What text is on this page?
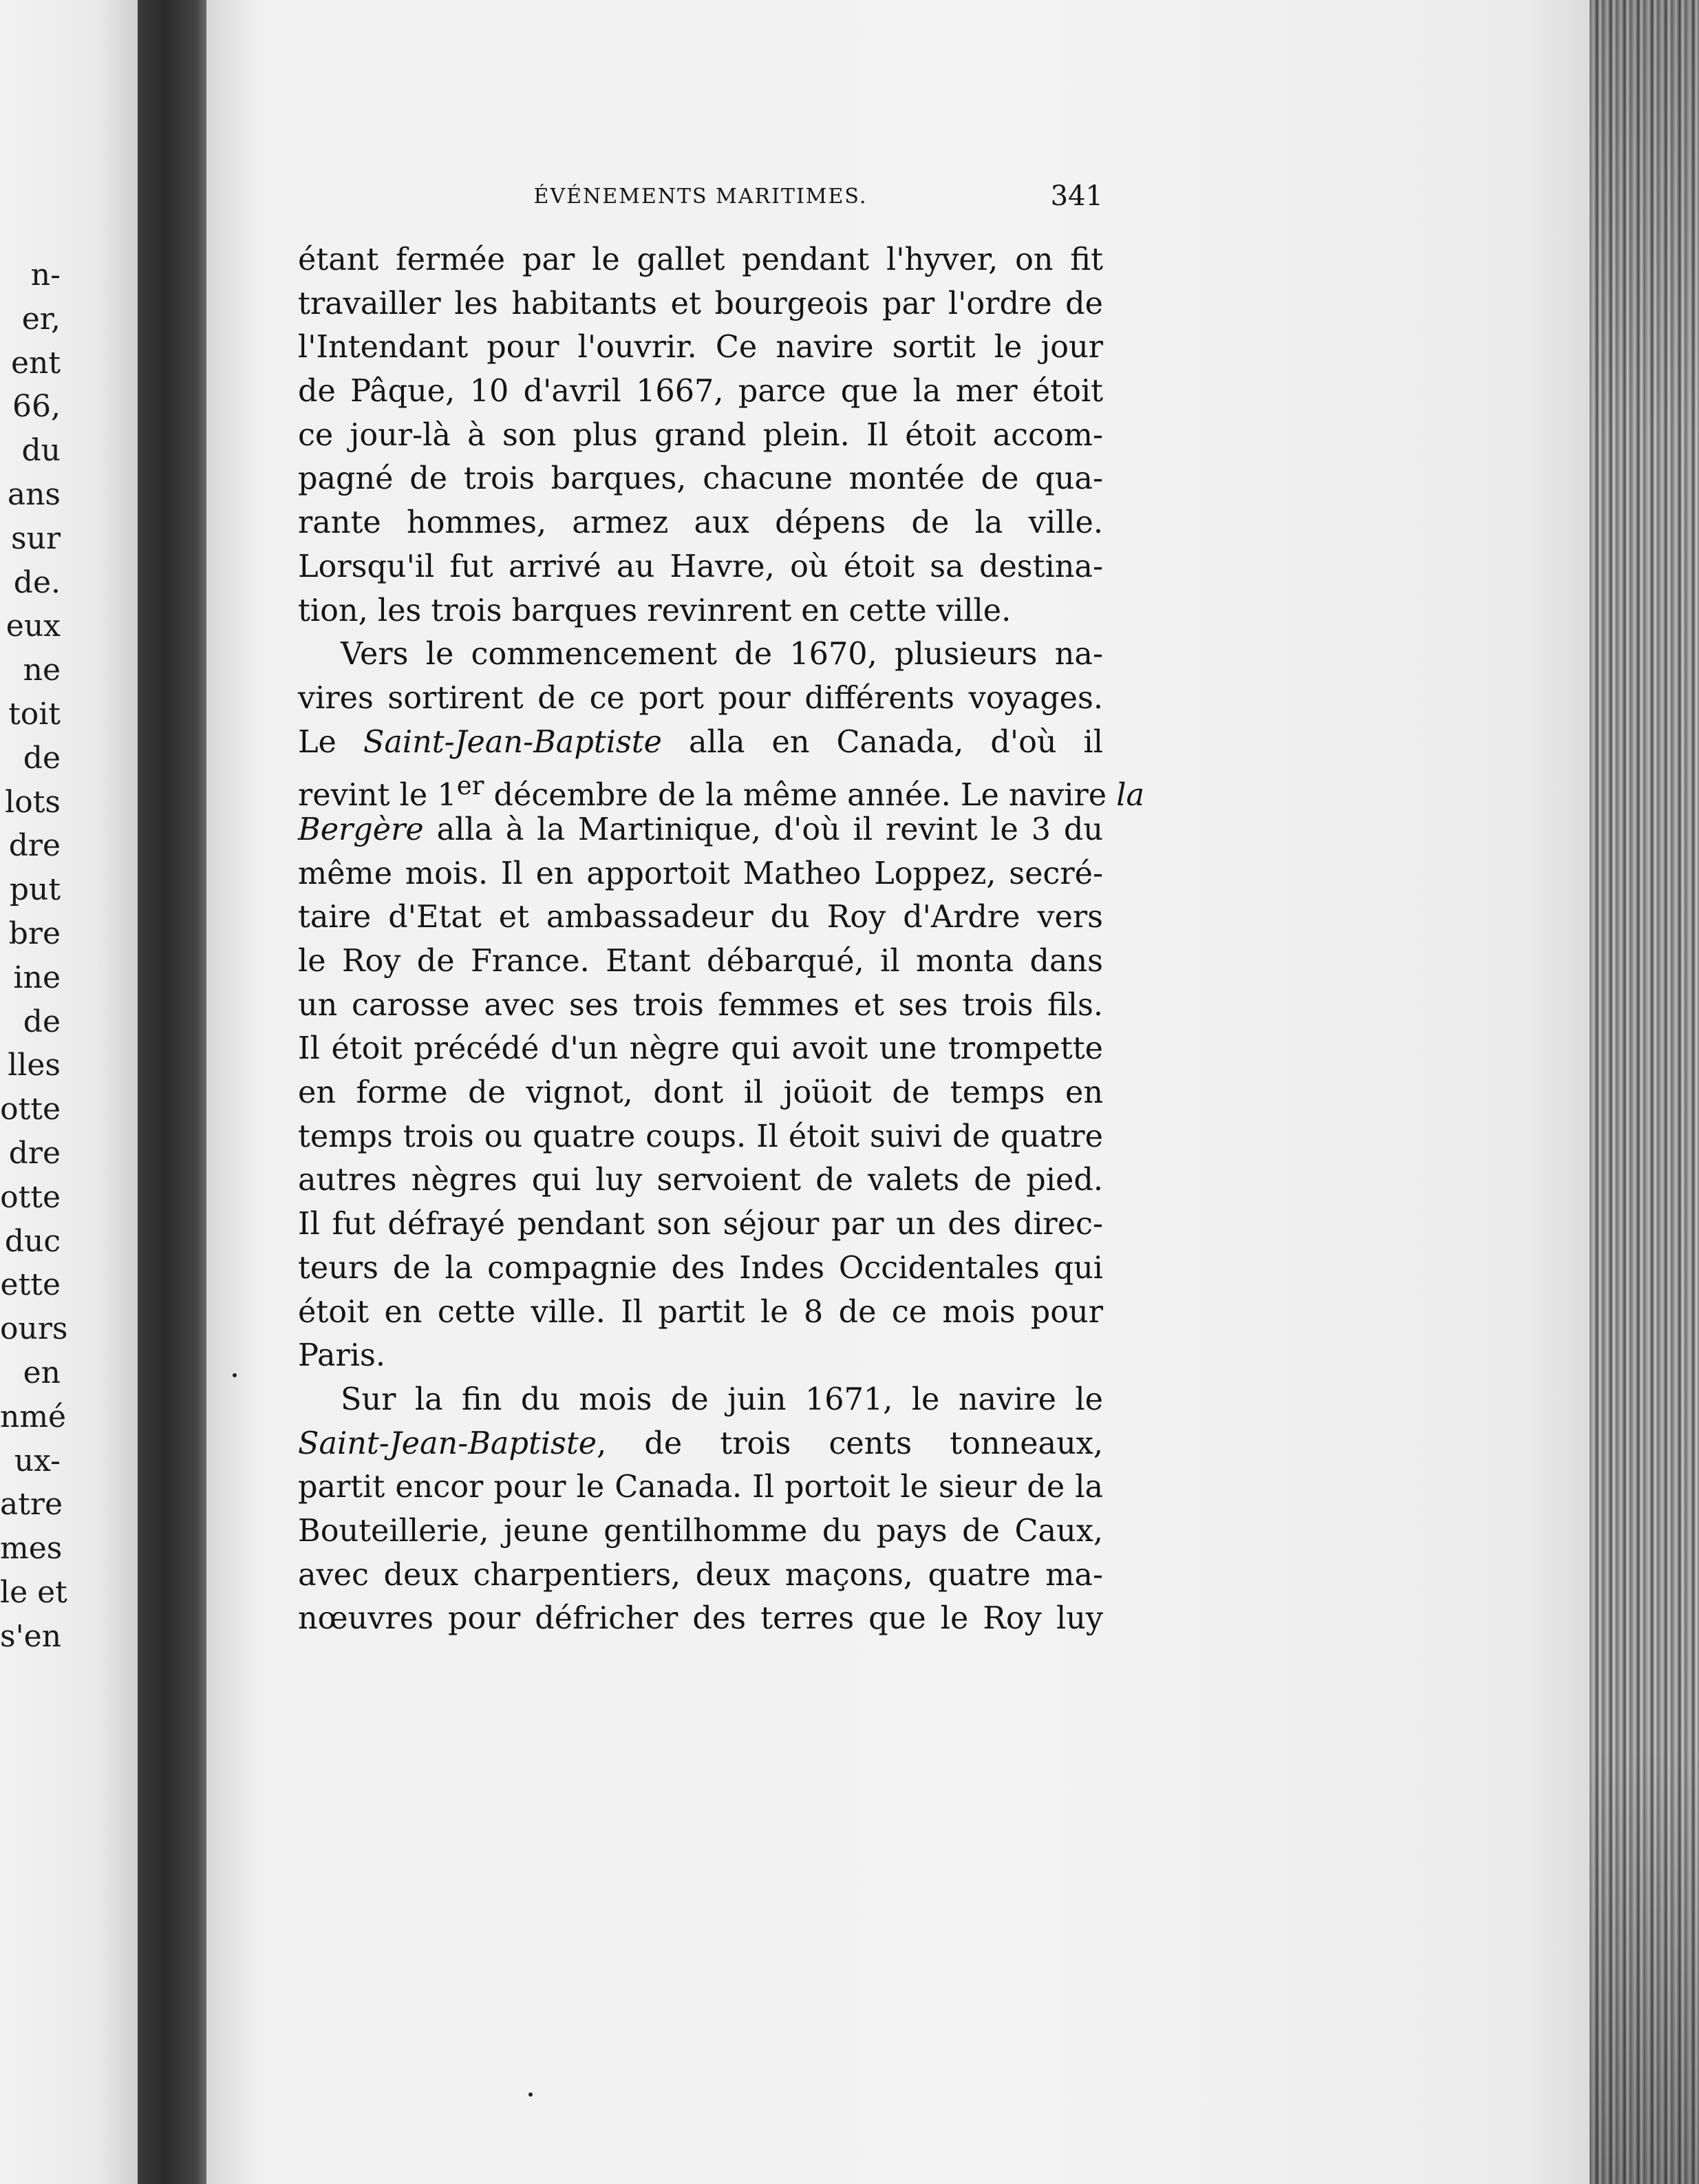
n-
er,
ent
66,
du
ans
sur
de.
eux
ne
toit
de
lots
dre
put
bre
ine
de
lles
otte
dre
otte
duc
ette
ours
en
nmé
ux-
atre
mes
le et
s'en
ÉVÉNEMENTS MARITIMES.	341
étant fermée par le gallet pendant l'hyver, on fit
travailler les habitants et bourgeois par l'ordre de
l'Intendant pour l'ouvrir. Ce navire sortit le jour
de Pâque, 10 d'avril 1667, parce que la mer étoit
ce jour-là à son plus grand plein. Il étoit accom-
pagné de trois barques, chacune montée de qua-
rante hommes, armez aux dépens de la ville.
Lorsqu'il fut arrivé au Havre, où étoit sa destina-
tion, les trois barques revinrent en cette ville.
Vers le commencement de 1670, plusieurs na-
vires sortirent de ce port pour différents voyages.
Le Saint-Jean-Baptiste alla en Canada, d'où il
revint le 1er décembre de la même année. Le navire la
Bergère alla à la Martinique, d'où il revint le 3 du
même mois. Il en apportoit Matheo Loppez, secré-
taire d'Etat et ambassadeur du Roy d'Ardre vers
le Roy de France. Etant débarqué, il monta dans
un carosse avec ses trois femmes et ses trois fils.
Il étoit précédé d'un nègre qui avoit une trompette
en forme de vignot, dont il joüoit de temps en
temps trois ou quatre coups. Il étoit suivi de quatre
autres nègres qui luy servoient de valets de pied.
Il fut défrayé pendant son séjour par un des direc-
teurs de la compagnie des Indes Occidentales qui
étoit en cette ville. Il partit le 8 de ce mois pour
Paris.
Sur la fin du mois de juin 1671, le navire le
Saint-Jean-Baptiste, de trois cents tonneaux,
partit encor pour le Canada. Il portoit le sieur de la
Bouteillerie, jeune gentilhomme du pays de Caux,
avec deux charpentiers, deux maçons, quatre ma-
nœuvres pour défricher des terres que le Roy luy
